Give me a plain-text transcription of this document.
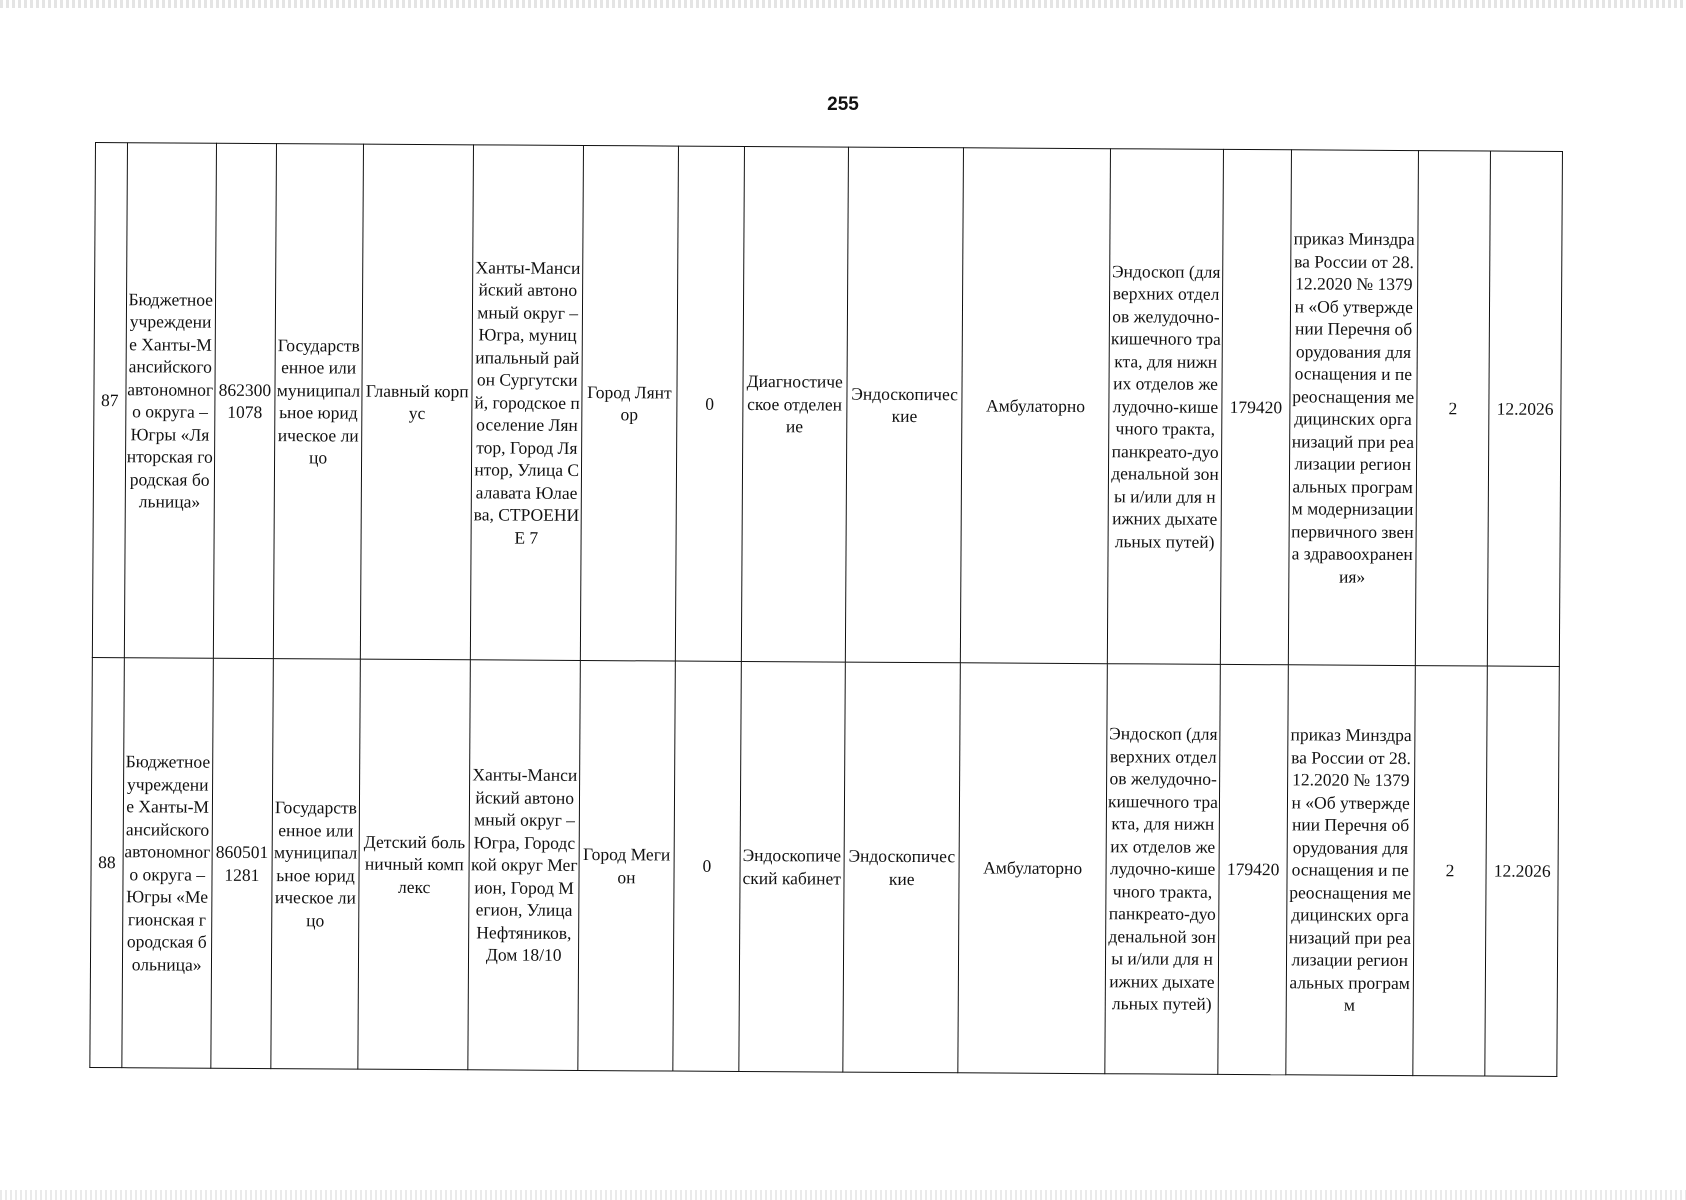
255
87	Бюджетное учреждение Ханты-Мансийского автономного округа – Югры «Лянторская городская больница»	8623001078	Государственное или муниципальное юридическое лицо	Главный корпус	Ханты-Мансийский автономный округ – Югра, муниципальный район Сургутский, городское поселение Лянтор, Город Лянтор, Улица Салавата Юлаева, СТРОЕНИЕ 7	Город Лянтор	0	Диагностическое отделение	Эндоскопические	Амбулаторно	Эндоскоп (для верхних отделов желудочно-кишечного тракта, для нижних отделов желудочно-кишечного тракта, панкреато-дуоденальной зоны и/или для нижних дыхательных путей)	179420	приказ Минздрава России от 28.12.2020 № 1379н «Об утверждении Перечня оборудования для оснащения и переоснащения медицинских организаций при реализации региональных программ модернизации первичного звена здравоохранения»	2	12.2026
88	Бюджетное учреждение Ханты-Мансийского автономного округа – Югры «Мегионская городская больница»	8605011281	Государственное или муниципальное юридическое лицо	Детский больничный комплекс	Ханты-Мансийский автономный округ – Югра, Городской округ Мегион, Город Мегион, Улица Нефтяников, Дом 18/10	Город Мегион	0	Эндоскопический кабинет	Эндоскопические	Амбулаторно	Эндоскоп (для верхних отделов желудочно-кишечного тракта, для нижних отделов желудочно-кишечного тракта, панкреато-дуоденальной зоны и/или для нижних дыхательных путей)	179420	приказ Минздрава России от 28.12.2020 № 1379н «Об утверждении Перечня оборудования для оснащения и переоснащения медицинских организаций при реализации региональных программ	2	12.2026
